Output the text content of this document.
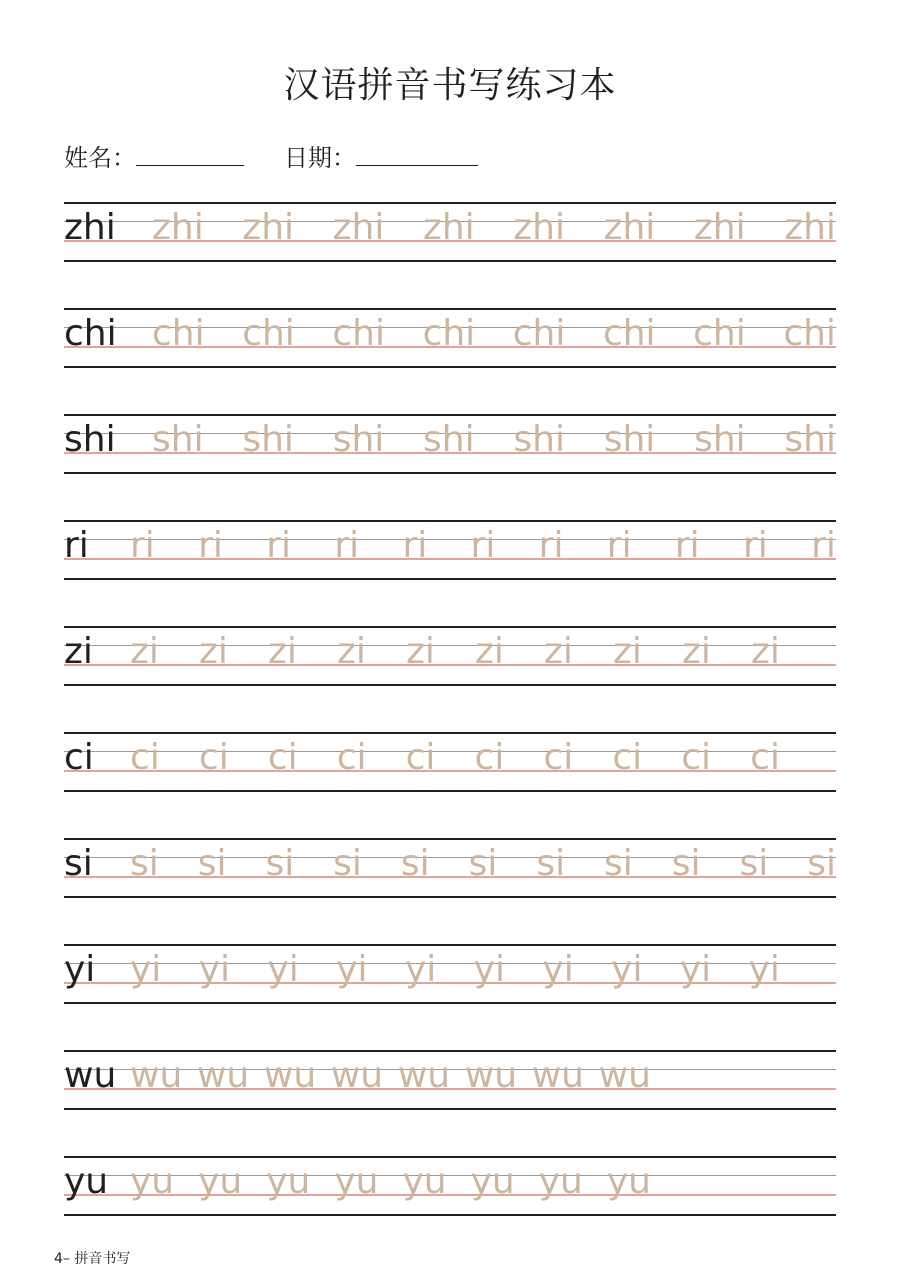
汉语拼音书写练习本
姓名：	日期：
zhi zhi zhi zhi zhi zhi zhi zhi zhi
chi chi chi chi chi chi chi chi chi
shi shi shi shi shi shi shi shi shi
ri ri ri ri ri ri ri ri ri ri ri ri
zi zi zi zi zi zi zi zi zi zi zi
ci ci ci ci ci ci ci ci ci ci ci
si si si si si si si si si si si si
yi yi yi yi yi yi yi yi yi yi yi
wu wu wu wu wu wu wu wu wu
yu yu yu yu yu yu yu yu yu
4– 拼音书写
